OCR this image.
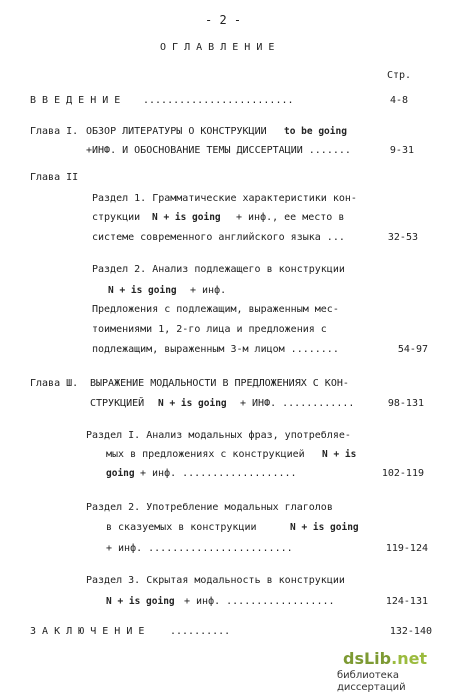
- 2 -
О Г Л А В Л Е Н И Е
Стр.
В В Е Д Е Н И Е .........................	4-8
Глава I. ОБЗОР ЛИТЕРАТУРЫ О КОНСТРУКЦИИ to be going
+ИНФ. И ОБОСНОВАНИЕ ТЕМЫ ДИССЕРТАЦИИ .......	9-31
Глава II
Раздел 1. Грамматические характеристики кон-
струкции N + is going + инф., ее место в
системе современного английского языка ...	32-53
Раздел 2. Анализ подлежащего в конструкции
N + is going + инф.
Предложения с подлежащим, выраженным мес-
тоимениями 1, 2-го лица и предложения с
подлежащим, выраженным 3-м лицом ........	54-97
Глава Ш. ВЫРАЖЕНИЕ МОДАЛЬНОСТИ В ПРЕДЛОЖЕНИЯХ С КОН-
СТРУКЦИЕЙ N + is going + ИНФ. ............	98-131
Раздел I. Анализ модальных фраз, употребляе-
мых в предложениях с конструкцией N + is
going + инф. ...................	102-119
Раздел 2. Употребление модальных глаголов
в сказуемых в конструкции	N + is going
+ инф. ........................	119-124
Раздел 3. Скрытая модальность в конструкции
N + is going + инф. ..................	124-131
З А К Л Ю Ч Е Н И Е	..........	132-140
dsLib.net
библиотека диссертаций
